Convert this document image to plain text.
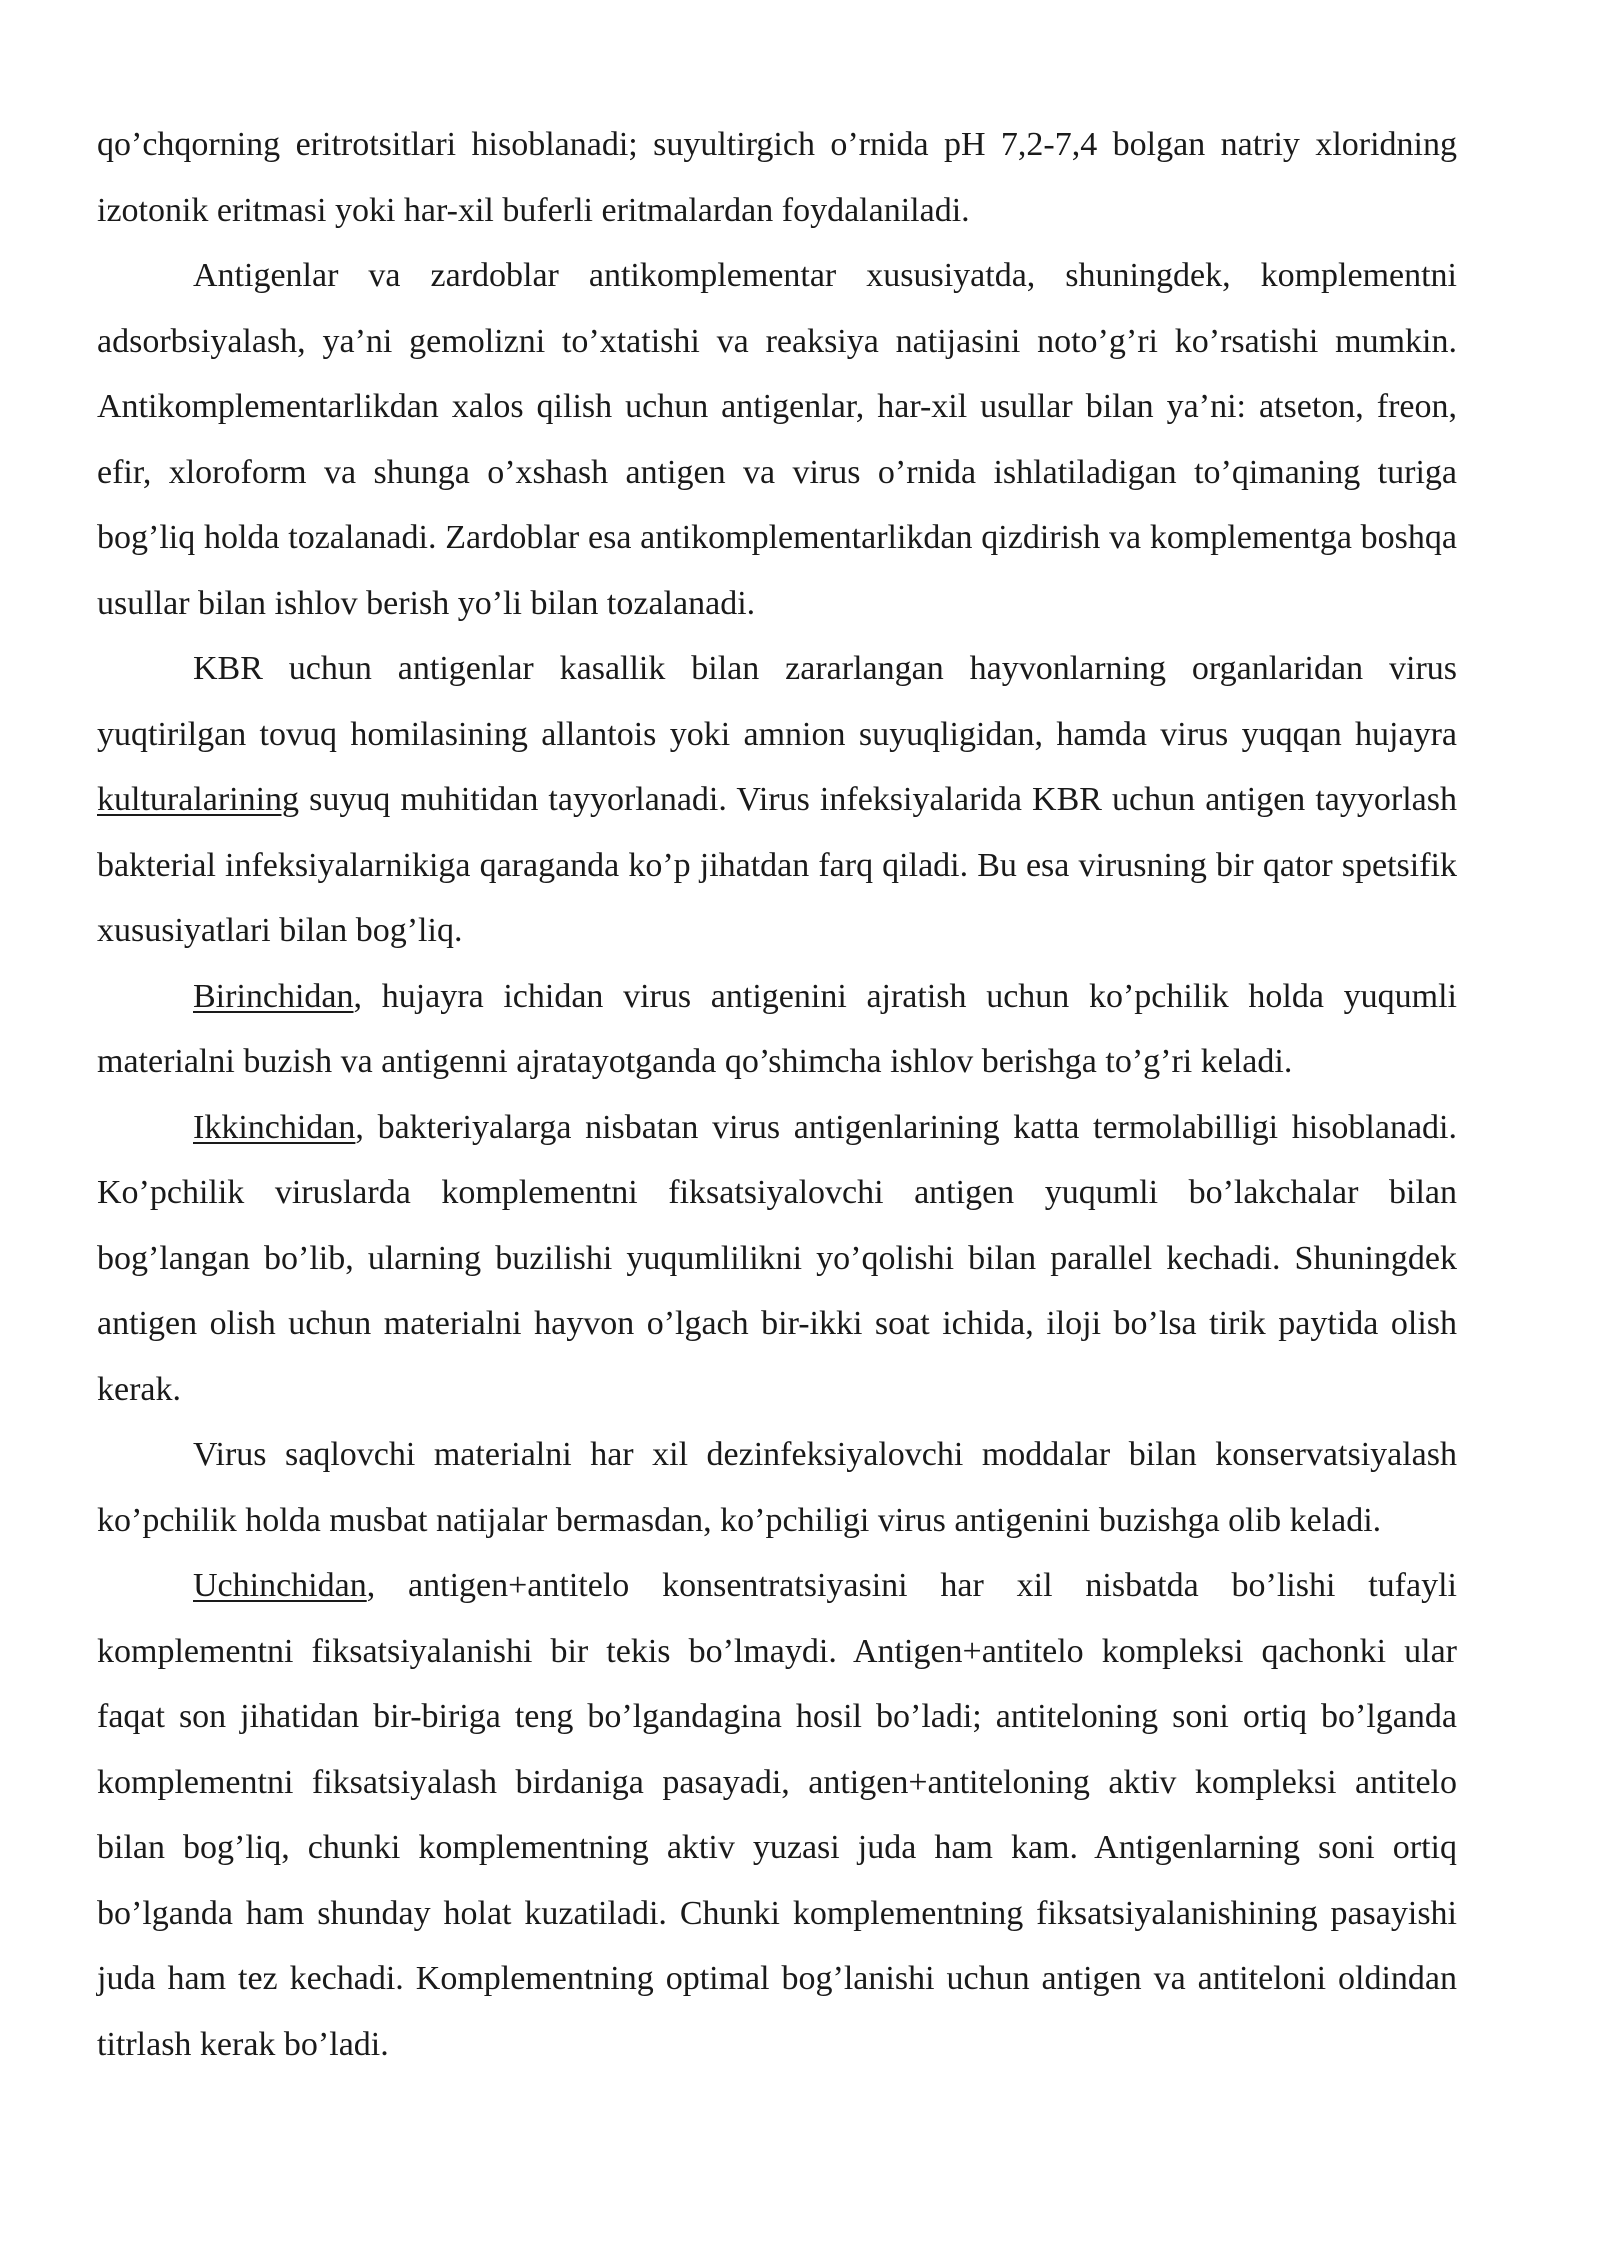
qo’chqorning eritrotsitlari hisoblanadi; suyultirgich o’rnida pH 7,2-7,4 bolgan natriy xloridning izotonik eritmasi yoki har-xil buferli eritmalardan foydalaniladi.

Antigenlar va zardoblar antikomplementar xususiyatda, shuningdek, komplementni adsorbsiyalash, ya’ni gemolizni to’xtatishi va reaksiya natijasini noto’g’ri ko’rsatishi mumkin. Antikomplementarlikdan xalos qilish uchun antigenlar, har-xil usullar bilan ya’ni: atseton, freon, efir, xloroform va shunga o’xshash antigen va virus o’rnida ishlatiladigan to’qimaning turiga bog’liq holda tozalanadi. Zardoblar esa antikomplementarlikdan qizdirish va komplementga boshqa usullar bilan ishlov berish yo’li bilan tozalanadi.

KBR uchun antigenlar kasallik bilan zararlangan hayvonlarning organlaridan virus yuqtirilgan tovuq homilasining allantois yoki amnion suyuqligidan, hamda virus yuqqan hujayra kulturalarining suyuq muhitidan tayyorlanadi. Virus infeksiyalarida KBR uchun antigen tayyorlash bakterial infeksiyalarnikiga qaraganda ko’p jihatdan farq qiladi. Bu esa virusning bir qator spetsifik xususiyatlari bilan bog’liq.

Birinchidan, hujayra ichidan virus antigenini ajratish uchun ko’pchilik holda yuqumli materialni buzish va antigenni ajratayotganda qo’shimcha ishlov berishga to’g’ri keladi.

Ikkinchidan, bakteriyalarga nisbatan virus antigenlarining katta termolabilligi hisoblanadi. Ko’pchilik viruslarda komplementni fiksatsiyalovchi antigen yuqumli bo’lakchalar bilan bog’langan bo’lib, ularning buzilishi yuqumlilikni yo’qolishi bilan parallel kechadi. Shuningdek antigen olish uchun materialni hayvon o’lgach bir-ikki soat ichida, iloji bo’lsa tirik paytida olish kerak.

Virus saqlovchi materialni har xil dezinfeksiyalovchi moddalar bilan konservatsiyalash ko’pchilik holda musbat natijalar bermasdan, ko’pchiligi virus antigenini buzishga olib keladi.

Uchinchidan, antigen+antitelo konsentratsiyasini har xil nisbatda bo’lishi tufayli komplementni fiksatsiyalanishi bir tekis bo’lmaydi. Antigen+antitelo kompleksi qachonki ular faqat son jihatidan bir-biriga teng bo’lgandagina hosil bo’ladi; antiteloning soni ortiq bo’lganda komplementni fiksatsiyalash birdaniga pasayadi, antigen+antiteloning aktiv kompleksi antitelo bilan bog’liq, chunki komplementning aktiv yuzasi juda ham kam. Antigenlarning soni ortiq bo’lganda ham shunday holat kuzatiladi. Chunki komplementning fiksatsiyalanishining pasayishi juda ham tez kechadi. Komplementning optimal bog’lanishi uchun antigen va antiteloni oldindan titrlash kerak bo’ladi.
